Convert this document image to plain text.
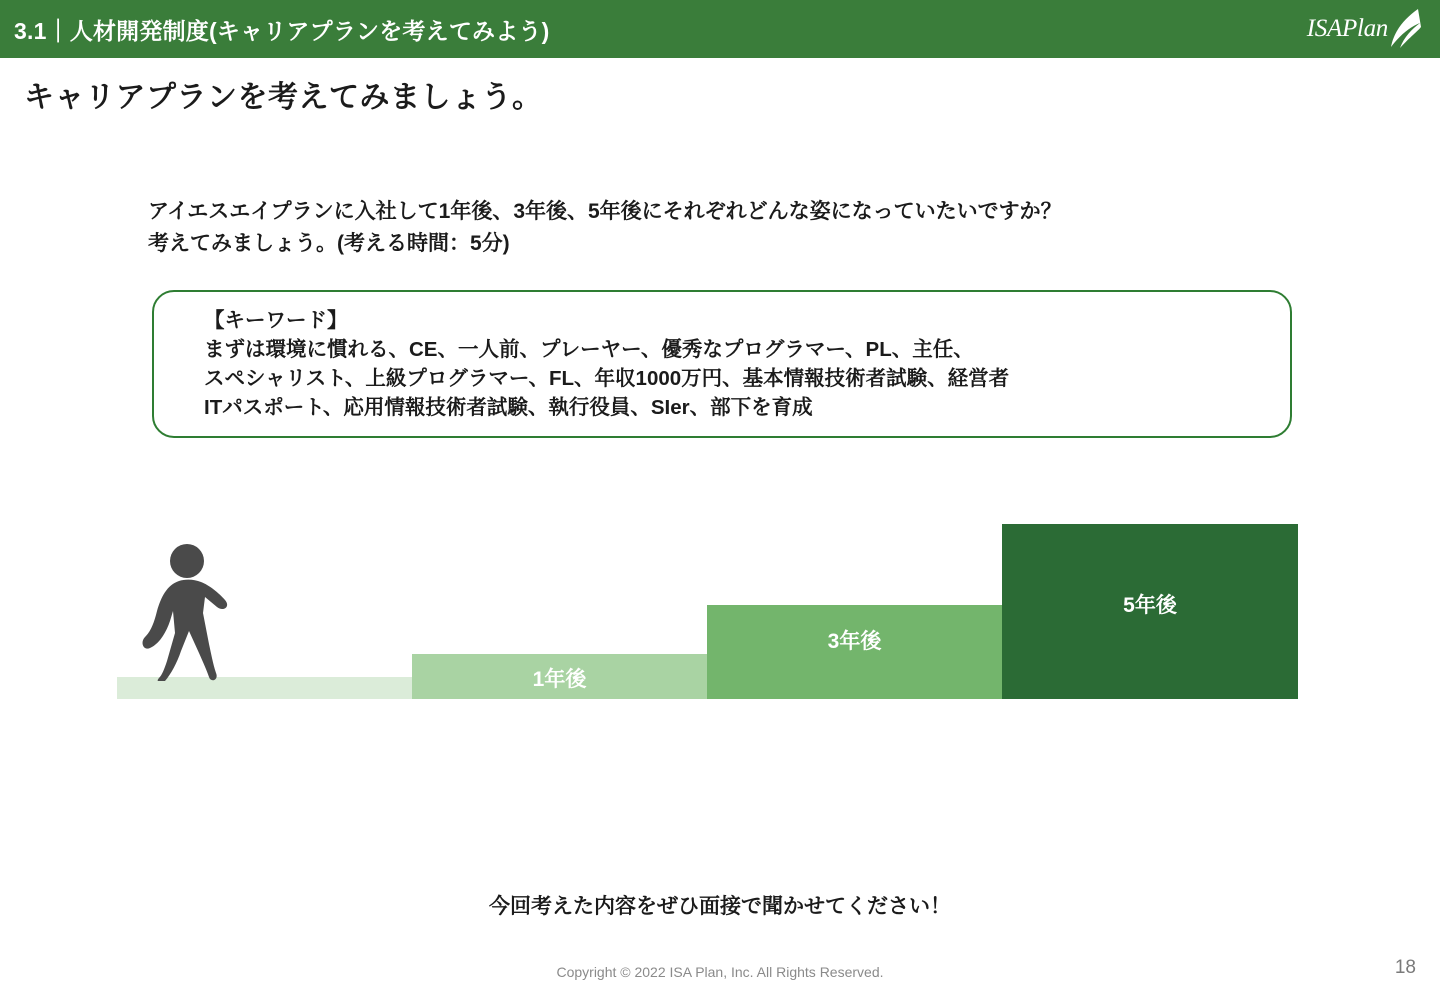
3.1｜人材開発制度(キャリアプランを考えてみよう)	ISAPlan
キャリアプランを考えてみましょう。
アイエスエイプランに入社して1年後、3年後、5年後にそれぞれどんな姿になっていたいですか？
考えてみましょう。(考える時間：5分)
【キーワード】
まずは環境に慣れる、CE、一人前、プレーヤー、優秀なプログラマー、PL、主任、
スペシャリスト、上級プログラマー、FL、年収1000万円、基本情報技術者試験、経営者
ITパスポート、応用情報技術者試験、執行役員、SIer、部下を育成
1年後
3年後
5年後
今回考えた内容をぜひ面接で聞かせてください！
Copyright © 2022 ISA Plan, Inc. All Rights Reserved.	18
